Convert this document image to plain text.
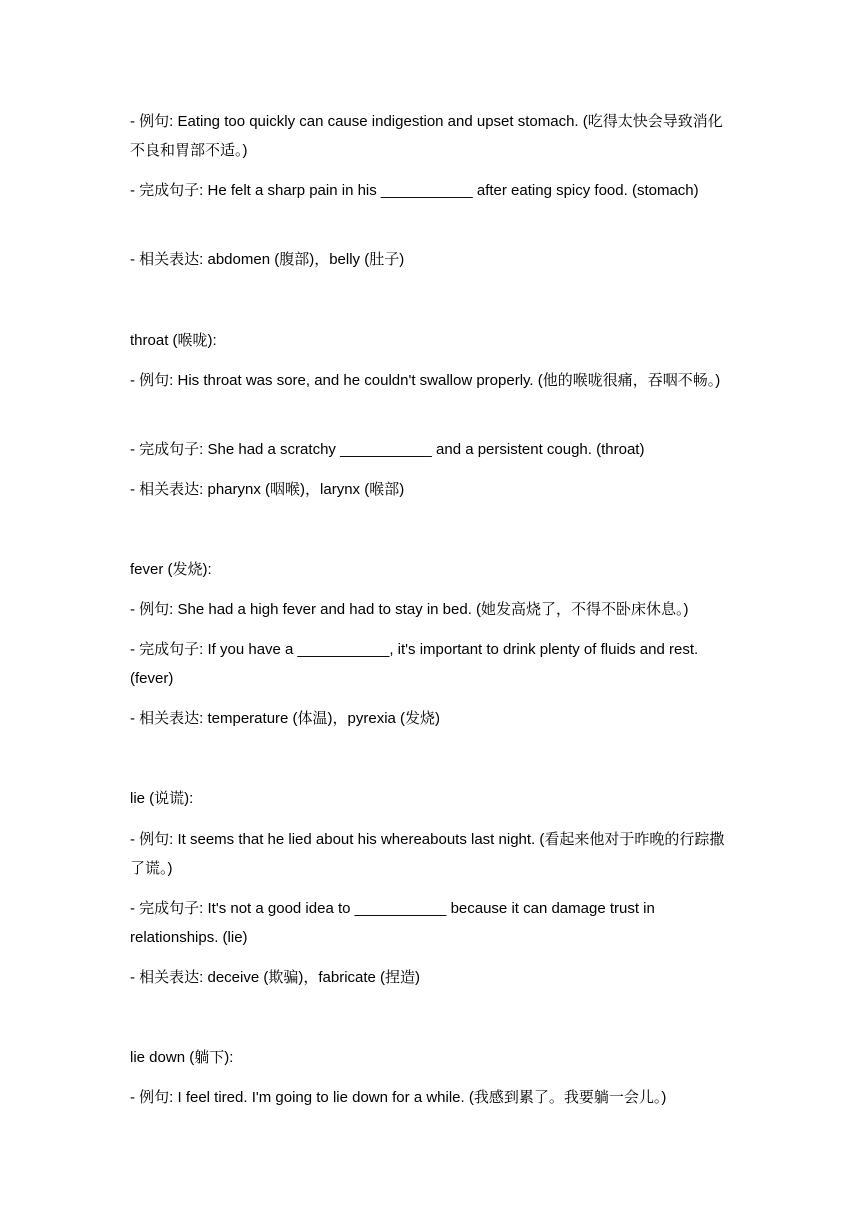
- 例句: Eating too quickly can cause indigestion and upset stomach. (吃得太快会导致消化不良和胃部不适。)
- 完成句子: He felt a sharp pain in his ___________ after eating spicy food. (stomach)
- 相关表达: abdomen (腹部)，belly (肚子)
throat (喉咙):
- 例句: His throat was sore, and he couldn't swallow properly. (他的喉咙很痛，吞咽不畅。)
- 完成句子: She had a scratchy ___________ and a persistent cough. (throat)
- 相关表达: pharynx (咽喉)，larynx (喉部)
fever (发烧):
- 例句: She had a high fever and had to stay in bed. (她发高烧了，不得不卧床休息。)
- 完成句子: If you have a ___________, it's important to drink plenty of fluids and rest. (fever)
- 相关表达: temperature (体温)，pyrexia (发烧)
lie (说谎):
- 例句: It seems that he lied about his whereabouts last night. (看起来他对于昨晚的行踪撒了谎。)
- 完成句子: It's not a good idea to ___________ because it can damage trust in relationships. (lie)
- 相关表达: deceive (欺骗)，fabricate (捏造)
lie down (躺下):
- 例句: I feel tired. I'm going to lie down for a while. (我感到累了。我要躺一会儿。)
